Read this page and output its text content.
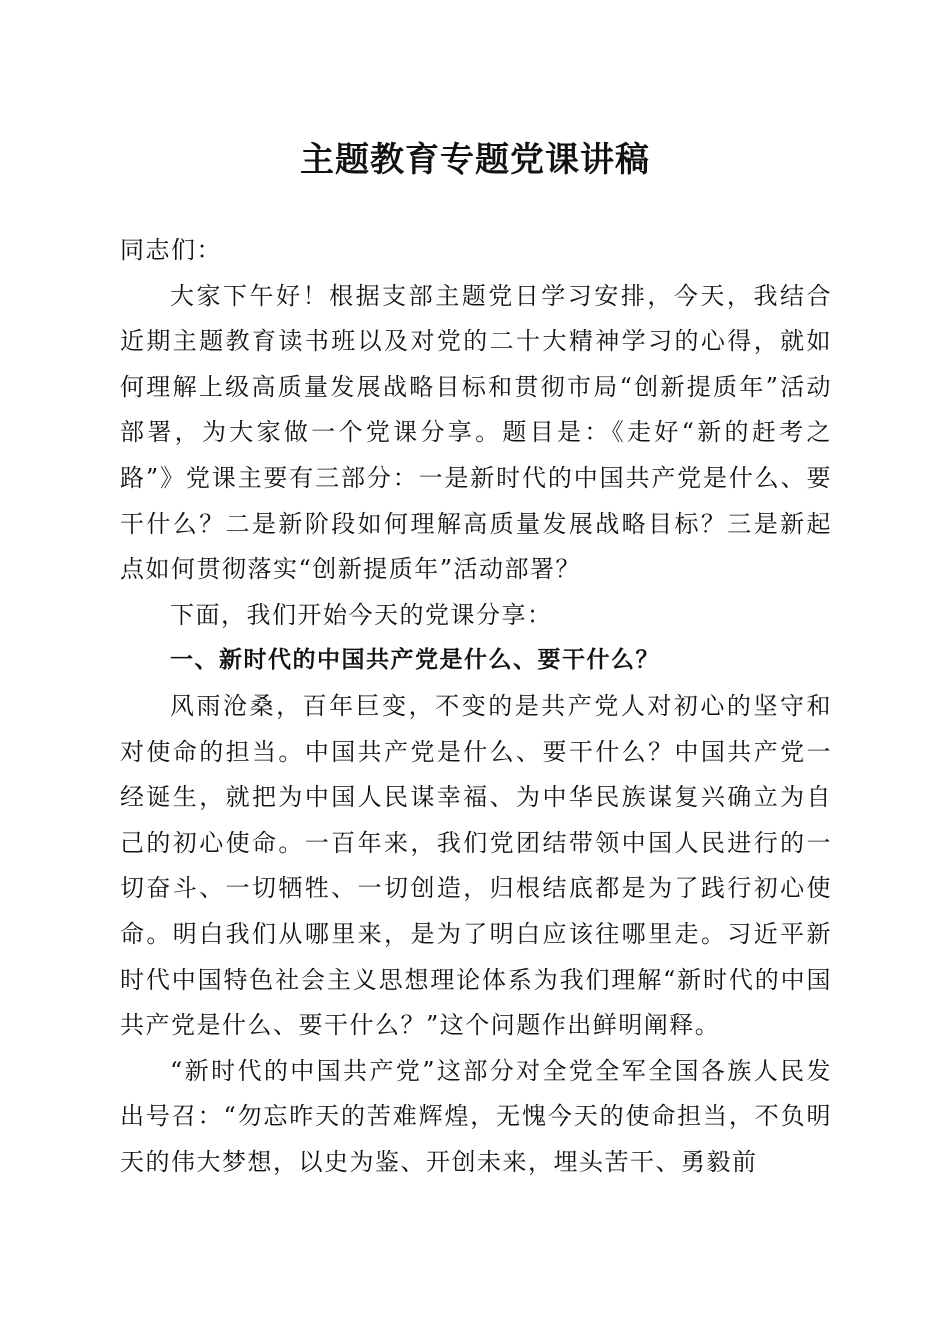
主题教育专题党课讲稿

同志们：

大家下午好！根据支部主题党日学习安排，今天，我结合近期主题教育读书班以及对党的二十大精神学习的心得，就如何理解上级高质量发展战略目标和贯彻市局“创新提质年”活动部署，为大家做一个党课分享。题目是：《走好“新的赶考之路”》党课主要有三部分：一是新时代的中国共产党是什么、要干什么？二是新阶段如何理解高质量发展战略目标？三是新起点如何贯彻落实“创新提质年”活动部署？

下面，我们开始今天的党课分享：

一、新时代的中国共产党是什么、要干什么？

风雨沧桑，百年巨变，不变的是共产党人对初心的坚守和对使命的担当。中国共产党是什么、要干什么？中国共产党一经诞生，就把为中国人民谋幸福、为中华民族谋复兴确立为自己的初心使命。一百年来，我们党团结带领中国人民进行的一切奋斗、一切牺牲、一切创造，归根结底都是为了践行初心使命。明白我们从哪里来，是为了明白应该往哪里走。习近平新时代中国特色社会主义思想理论体系为我们理解“新时代的中国共产党是什么、要干什么？”这个问题作出鲜明阐释。

“新时代的中国共产党”这部分对全党全军全国各族人民发出号召：“勿忘昨天的苦难辉煌，无愧今天的使命担当，不负明天的伟大梦想，以史为鉴、开创未来，埋头苦干、勇毅前
